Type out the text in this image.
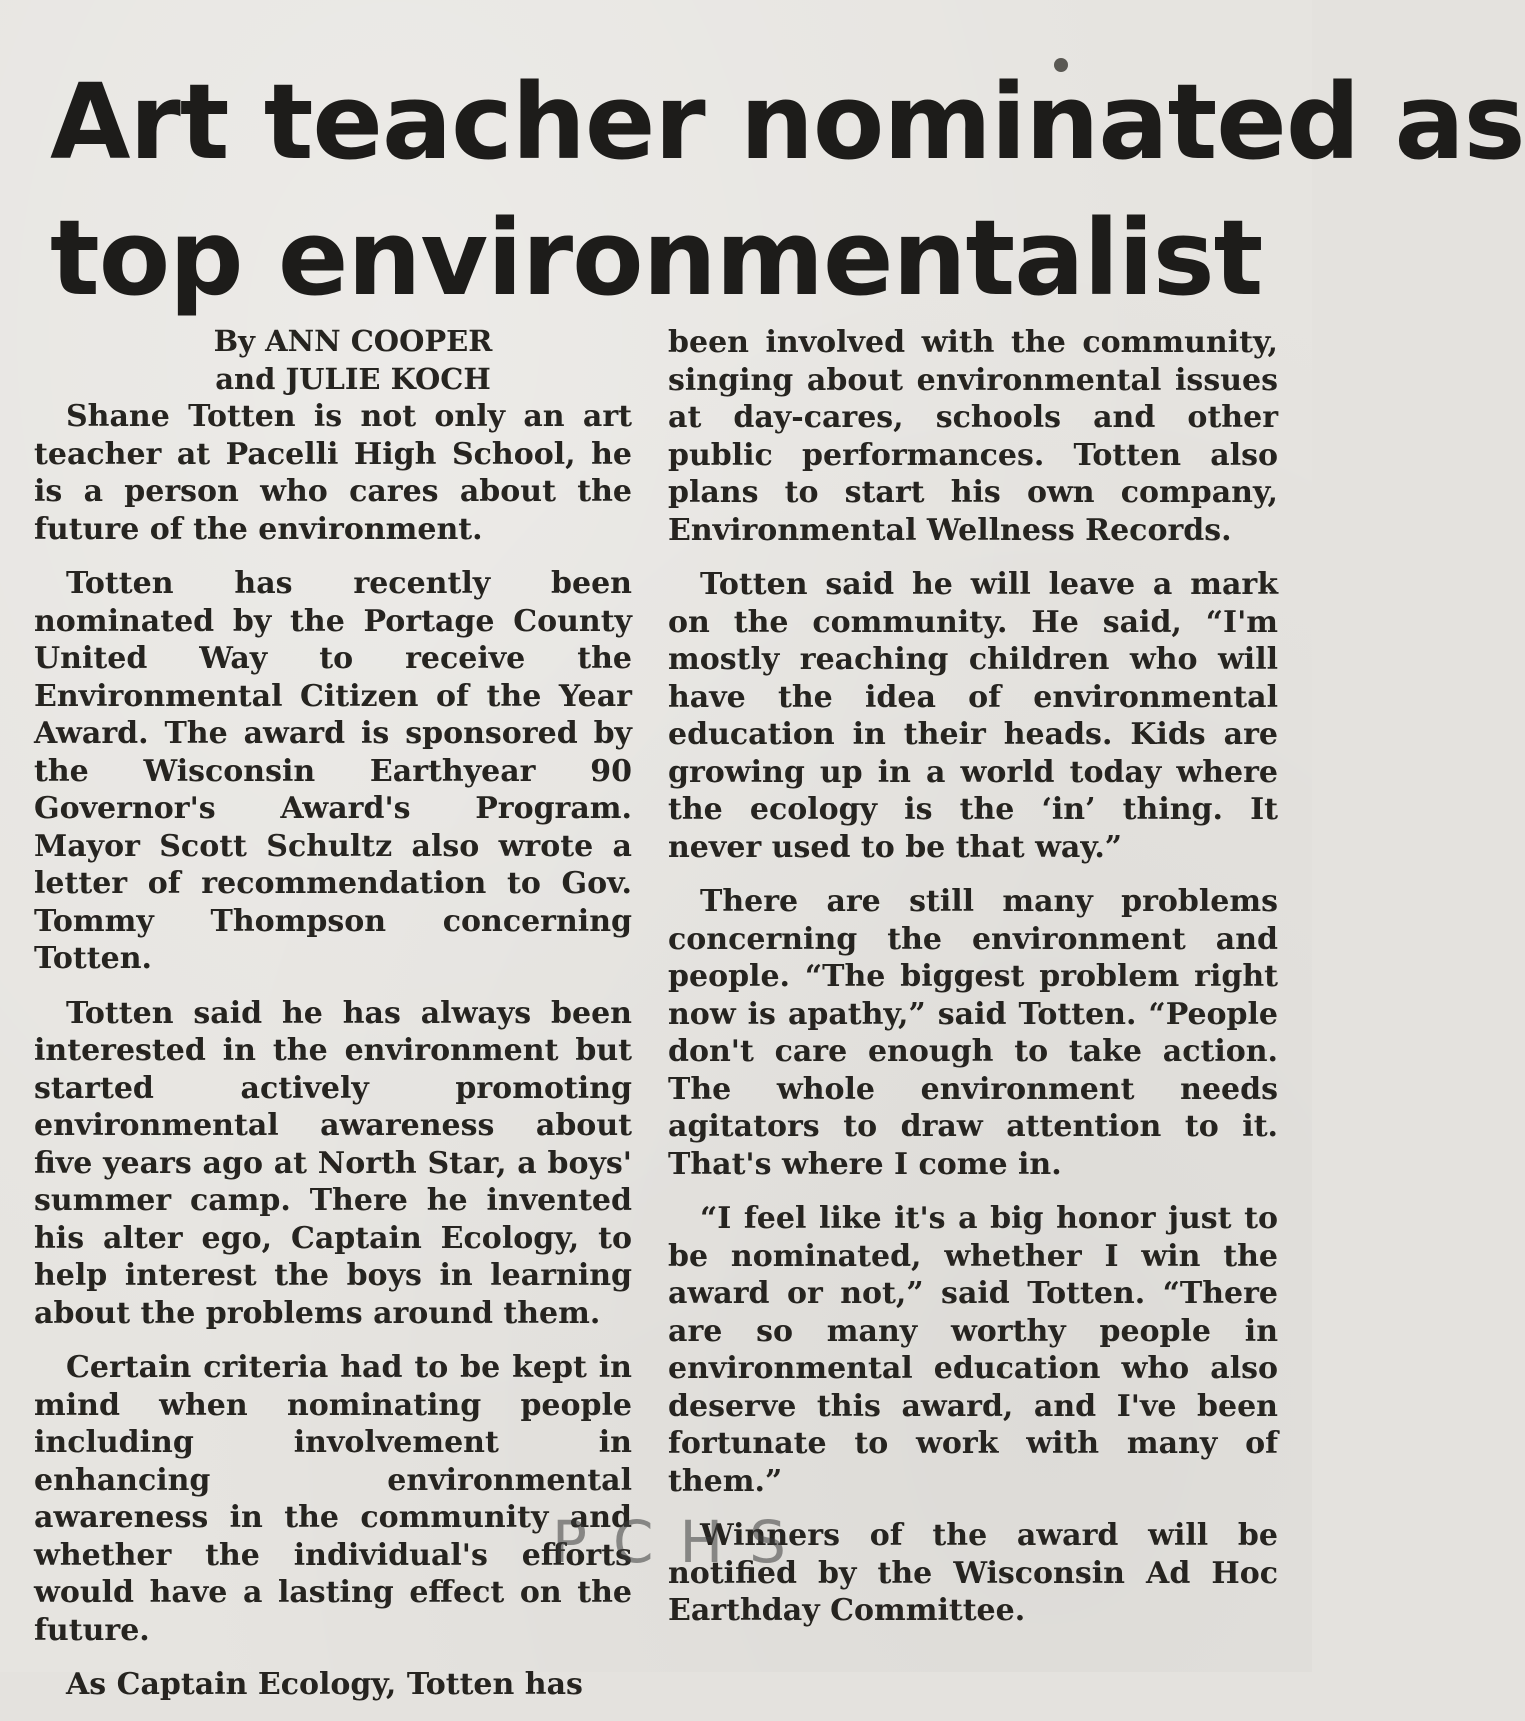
Art teacher nominated as
top environmentalist
By ANN COOPER
and JULIE KOCH

Shane Totten is not only an art teacher at Pacelli High School, he is a person who cares about the future of the environment.

Totten has recently been nominated by the Portage County United Way to receive the Environmental Citizen of the Year Award. The award is sponsored by the Wisconsin Earthyear 90 Governor's Award's Program. Mayor Scott Schultz also wrote a letter of recommendation to Gov. Tommy Thompson concerning Totten.

Totten said he has always been interested in the environment but started actively promoting environmental awareness about five years ago at North Star, a boys' summer camp. There he invented his alter ego, Captain Ecology, to help interest the boys in learning about the problems around them.

Certain criteria had to be kept in mind when nominating people including involvement in enhancing environmental awareness in the community and whether the individual's efforts would have a lasting effect on the future.

As Captain Ecology, Totten has

been involved with the community, singing about environmental issues at day-cares, schools and other public performances. Totten also plans to start his own company, Environmental Wellness Records.

Totten said he will leave a mark on the community. He said, “I'm mostly reaching children who will have the idea of environmental education in their heads. Kids are growing up in a world today where the ecology is the ‘in’ thing. It never used to be that way.”

There are still many problems concerning the environment and people. “The biggest problem right now is apathy,” said Totten. “People don't care enough to take action. The whole environment needs agitators to draw attention to it. That's where I come in.

“I feel like it's a big honor just to be nominated, whether I win the award or not,” said Totten. “There are so many worthy people in environmental education who also deserve this award, and I've been fortunate to work with many of them.”

Winners of the award will be notified by the Wisconsin Ad Hoc Earthday Committee.

PCHS
